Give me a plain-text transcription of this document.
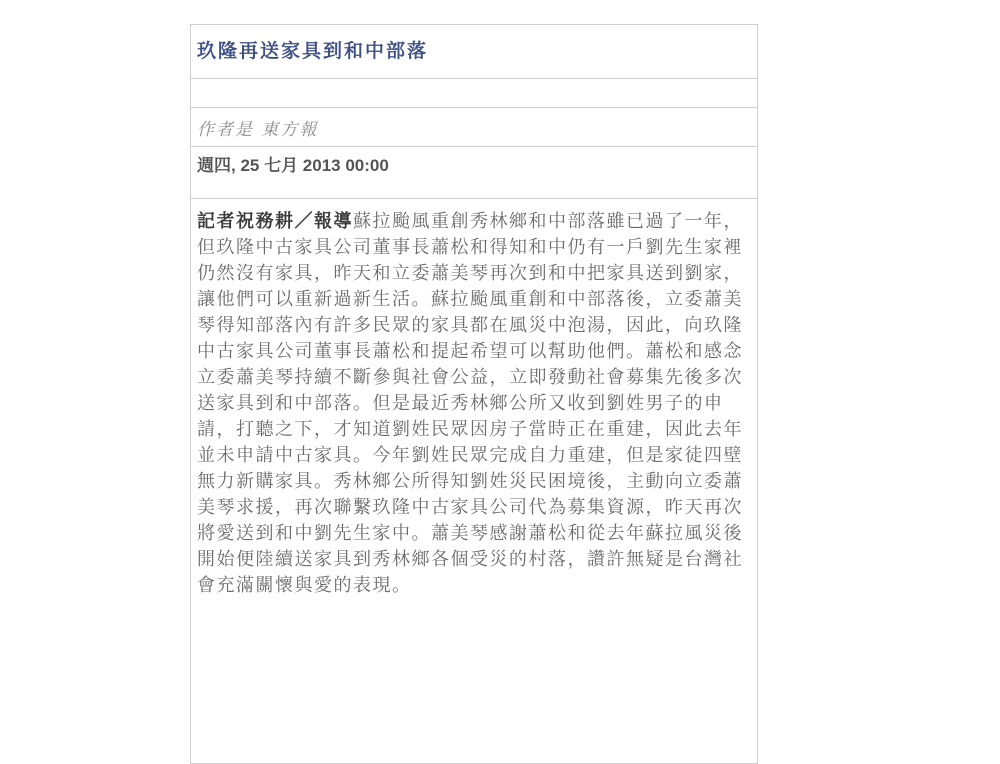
玖隆再送家具到和中部落
作者是 東方報
週四, 25 七月 2013 00:00
記者祝務耕／報導蘇拉颱風重創秀林鄉和中部落雖已過了一年，但玖隆中古家具公司董事長蕭松和得知和中仍有一戶劉先生家裡仍然沒有家具，昨天和立委蕭美琴再次到和中把家具送到劉家，讓他們可以重新過新生活。蘇拉颱風重創和中部落後，立委蕭美琴得知部落內有許多民眾的家具都在風災中泡湯，因此，向玖隆中古家具公司董事長蕭松和提起希望可以幫助他們。蕭松和感念立委蕭美琴持續不斷參與社會公益，立即發動社會募集先後多次送家具到和中部落。但是最近秀林鄉公所又收到劉姓男子的申請，打聽之下，才知道劉姓民眾因房子當時正在重建，因此去年並未申請中古家具。今年劉姓民眾完成自力重建，但是家徒四壁無力新購家具。秀林鄉公所得知劉姓災民困境後，主動向立委蕭美琴求援，再次聯繫玖隆中古家具公司代為募集資源，昨天再次將愛送到和中劉先生家中。蕭美琴感謝蕭松和從去年蘇拉風災後開始便陸續送家具到秀林鄉各個受災的村落，讚許無疑是台灣社會充滿關懷與愛的表現。
